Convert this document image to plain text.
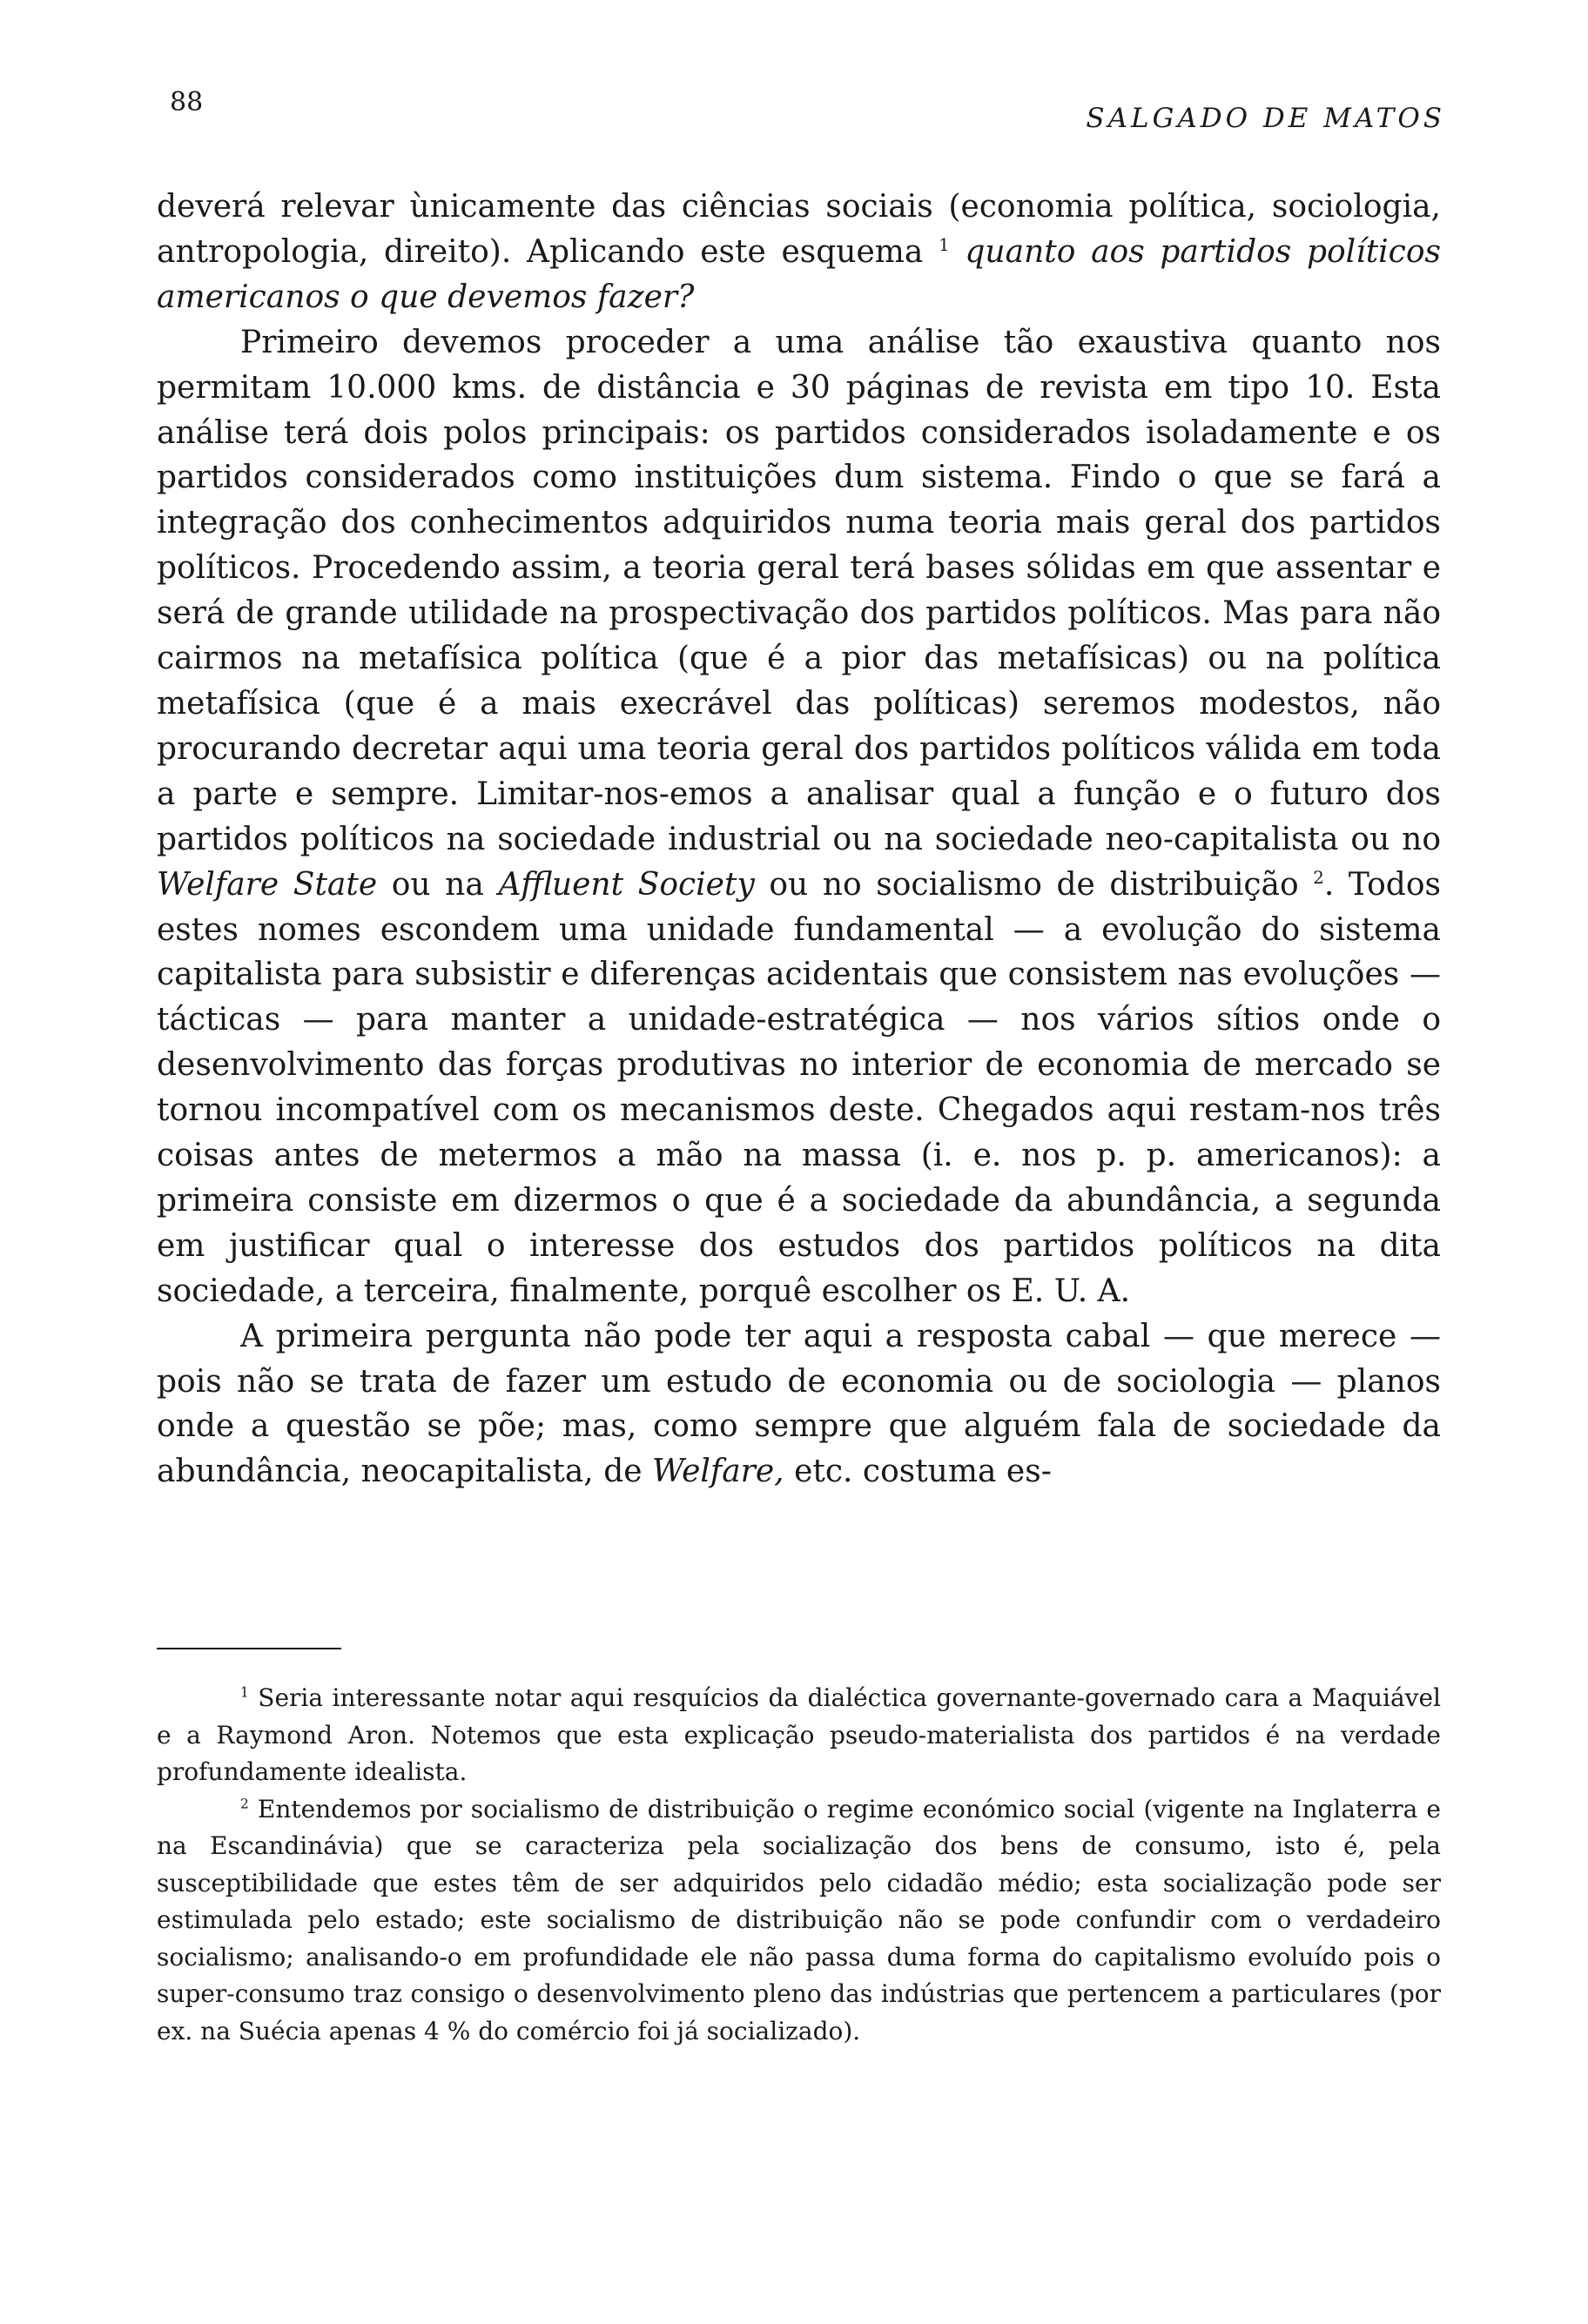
88
SALGADO DE MATOS

deverá relevar ùnicamente das ciências sociais (economia política, sociologia, antropologia, direito). Aplicando este esquema $^1$ quanto aos partidos políticos americanos o que devemos fazer?

Primeiro devemos proceder a uma análise tão exaustiva quanto nos permitam 10.000 kms. de distância e 30 páginas de revista em tipo 10. Esta análise terá dois polos principais: os partidos considerados isoladamente e os partidos considerados como instituições dum sistema. Findo o que se fará a integração dos conhecimentos adquiridos numa teoria mais geral dos partidos políticos. Procedendo assim, a teoria geral terá bases sólidas em que assentar e será de grande utilidade na prospectivação dos partidos políticos. Mas para não cairmos na metafísica política (que é a pior das metafísicas) ou na política metafísica (que é a mais execrável das políticas) seremos modestos, não procurando decretar aqui uma teoria geral dos partidos políticos válida em toda a parte e sempre. Limitar-nos-emos a analisar qual a função e o futuro dos partidos políticos na sociedade industrial ou na sociedade neo-capitalista ou no Welfare State ou na Affluent Society ou no socialismo de distribuição $^2$. Todos estes nomes escondem uma unidade fundamental — a evolução do sistema capitalista para subsistir e diferenças acidentais que consistem nas evoluções — tácticas — para manter a unidade-estratégica — nos vários sítios onde o desenvolvimento das forças produtivas no interior de economia de mercado se tornou incompatível com os mecanismos deste. Chegados aqui restam-nos três coisas antes de metermos a mão na massa (i. e. nos p. p. americanos): a primeira consiste em dizermos o que é a sociedade da abundância, a segunda em justificar qual o interesse dos estudos dos partidos políticos na dita sociedade, a terceira, finalmente, porquê escolher os E. U. A.

A primeira pergunta não pode ter aqui a resposta cabal — que merece — pois não se trata de fazer um estudo de economia ou de sociologia — planos onde a questão se põe; mas, como sempre que alguém fala de sociedade da abundância, neocapitalista, de Welfare, etc. costuma es-

$^1$ Seria interessante notar aqui resquícios da dialéctica governante-governado cara a Maquiável e a Raymond Aron. Notemos que esta explicação pseudo-materialista dos partidos é na verdade profundamente idealista.

$^2$ Entendemos por socialismo de distribuição o regime económico social (vigente na Inglaterra e na Escandinávia) que se caracteriza pela socialização dos bens de consumo, isto é, pela susceptibilidade que estes têm de ser adquiridos pelo cidadão médio; esta socialização pode ser estimulada pelo estado; este socialismo de distribuição não se pode confundir com o verdadeiro socialismo; analisando-o em profundidade ele não passa duma forma do capitalismo evoluído pois o super-consumo traz consigo o desenvolvimento pleno das indústrias que pertencem a particulares (por ex. na Suécia apenas 4 % do comércio foi já socializado).
